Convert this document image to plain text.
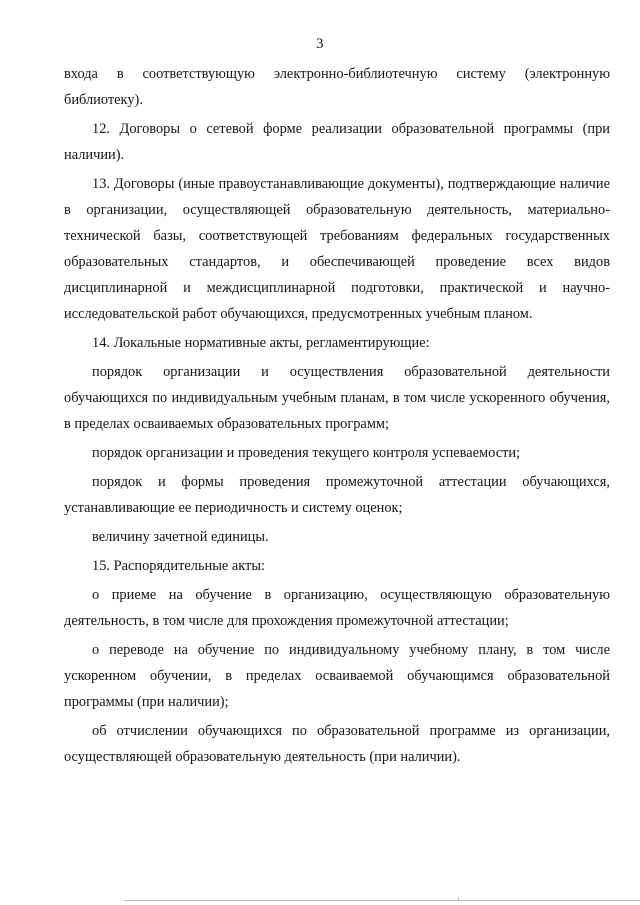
3

входа в соответствующую электронно-библиотечную систему (электронную библиотеку).

12. Договоры о сетевой форме реализации образовательной программы (при наличии).

13. Договоры (иные правоустанавливающие документы), подтверждающие наличие в организации, осуществляющей образовательную деятельность, материально-технической базы, соответствующей требованиям федеральных государственных образовательных стандартов, и обеспечивающей проведение всех видов дисциплинарной и междисциплинарной подготовки, практической и научно-исследовательской работ обучающихся, предусмотренных учебным планом.

14. Локальные нормативные акты, регламентирующие:

порядок организации и осуществления образовательной деятельности обучающихся по индивидуальным учебным планам, в том числе ускоренного обучения, в пределах осваиваемых образовательных программ;

порядок организации и проведения текущего контроля успеваемости;

порядок и формы проведения промежуточной аттестации обучающихся, устанавливающие ее периодичность и систему оценок;

величину зачетной единицы.

15. Распорядительные акты:

о приеме на обучение в организацию, осуществляющую образовательную деятельность, в том числе для прохождения промежуточной аттестации;

о переводе на обучение по индивидуальному учебному плану, в том числе ускоренном обучении, в пределах осваиваемой обучающимся образовательной программы (при наличии);

об отчислении обучающихся по образовательной программе из организации, осуществляющей образовательную деятельность (при наличии).
